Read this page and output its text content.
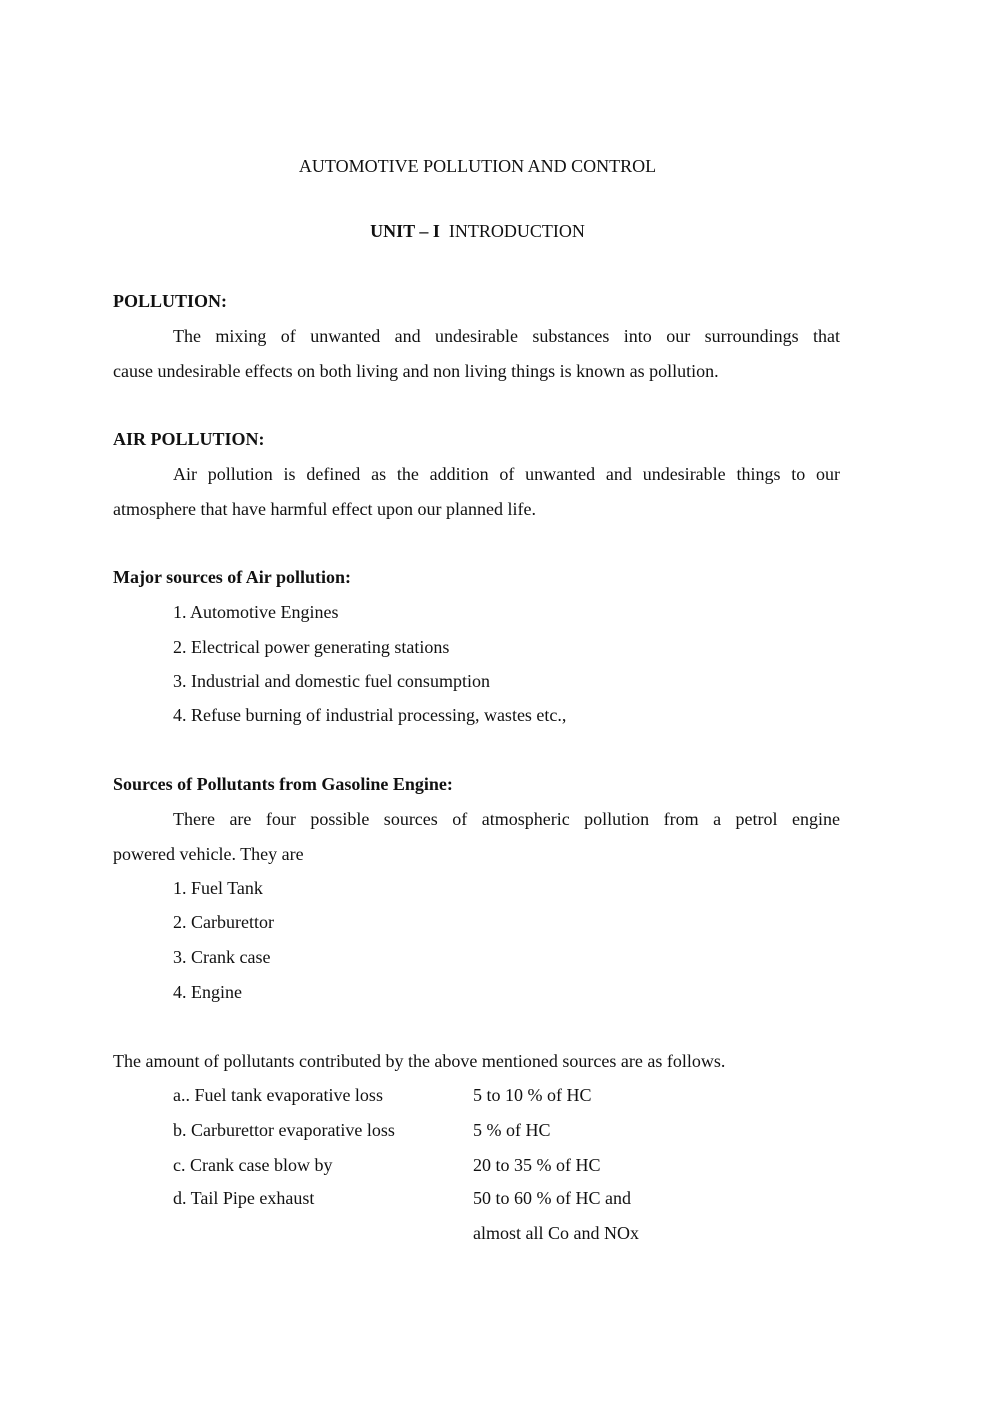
AUTOMOTIVE POLLUTION AND CONTROL
UNIT – I INTRODUCTION
POLLUTION:
The mixing of unwanted and undesirable substances into our surroundings that
cause undesirable effects on both living and non living things is known as pollution.
AIR POLLUTION:
Air pollution is defined as the addition of unwanted and undesirable things to our
atmosphere that have harmful effect upon our planned life.
Major sources of Air pollution:
1. Automotive Engines
2. Electrical power generating stations
3. Industrial and domestic fuel consumption
4. Refuse burning of industrial processing, wastes etc.,
Sources of Pollutants from Gasoline Engine:
There are four possible sources of atmospheric pollution from a petrol engine
powered vehicle. They are
1. Fuel Tank
2. Carburettor
3. Crank case
4. Engine
The amount of pollutants contributed by the above mentioned sources are as follows.
a.. Fuel tank evaporative loss	5 to 10 % of HC
b. Carburettor evaporative loss	5 % of HC
c. Crank case blow by	20 to 35 % of HC
d. Tail Pipe exhaust	50 to 60 % of HC and
almost all Co and NOx
